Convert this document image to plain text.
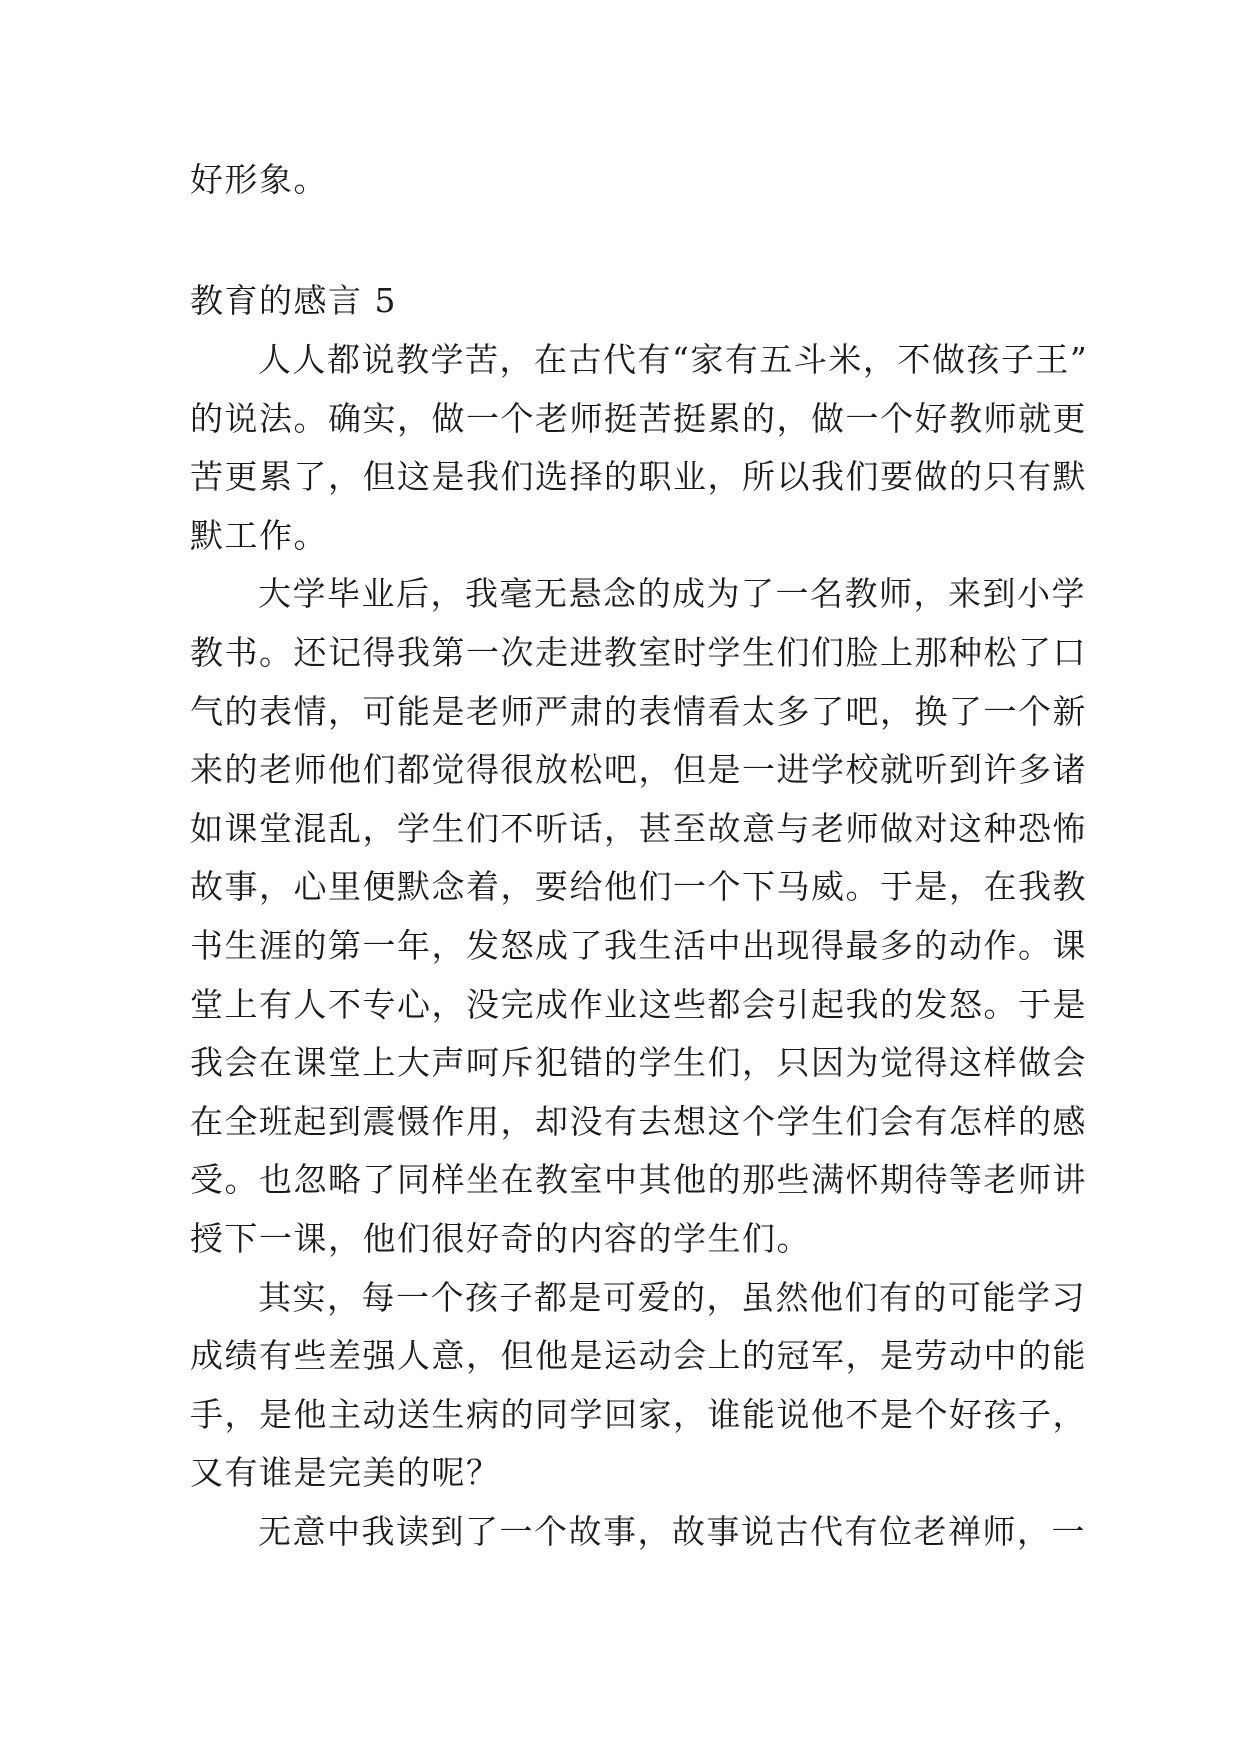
好形象。
教育的感言 5
人人都说教学苦，在古代有“家有五斗米，不做孩子王”
的说法。确实，做一个老师挺苦挺累的，做一个好教师就更
苦更累了，但这是我们选择的职业，所以我们要做的只有默
默工作。
大学毕业后，我毫无悬念的成为了一名教师，来到小学
教书。还记得我第一次走进教室时学生们们脸上那种松了口
气的表情，可能是老师严肃的表情看太多了吧，换了一个新
来的老师他们都觉得很放松吧，但是一进学校就听到许多诸
如课堂混乱，学生们不听话，甚至故意与老师做对这种恐怖
故事，心里便默念着，要给他们一个下马威。于是，在我教
书生涯的第一年，发怒成了我生活中出现得最多的动作。课
堂上有人不专心，没完成作业这些都会引起我的发怒。于是
我会在课堂上大声呵斥犯错的学生们，只因为觉得这样做会
在全班起到震慑作用，却没有去想这个学生们会有怎样的感
受。也忽略了同样坐在教室中其他的那些满怀期待等老师讲
授下一课，他们很好奇的内容的学生们。
其实，每一个孩子都是可爱的，虽然他们有的可能学习
成绩有些差强人意，但他是运动会上的冠军，是劳动中的能
手，是他主动送生病的同学回家，谁能说他不是个好孩子，
又有谁是完美的呢？
无意中我读到了一个故事，故事说古代有位老禅师，一
